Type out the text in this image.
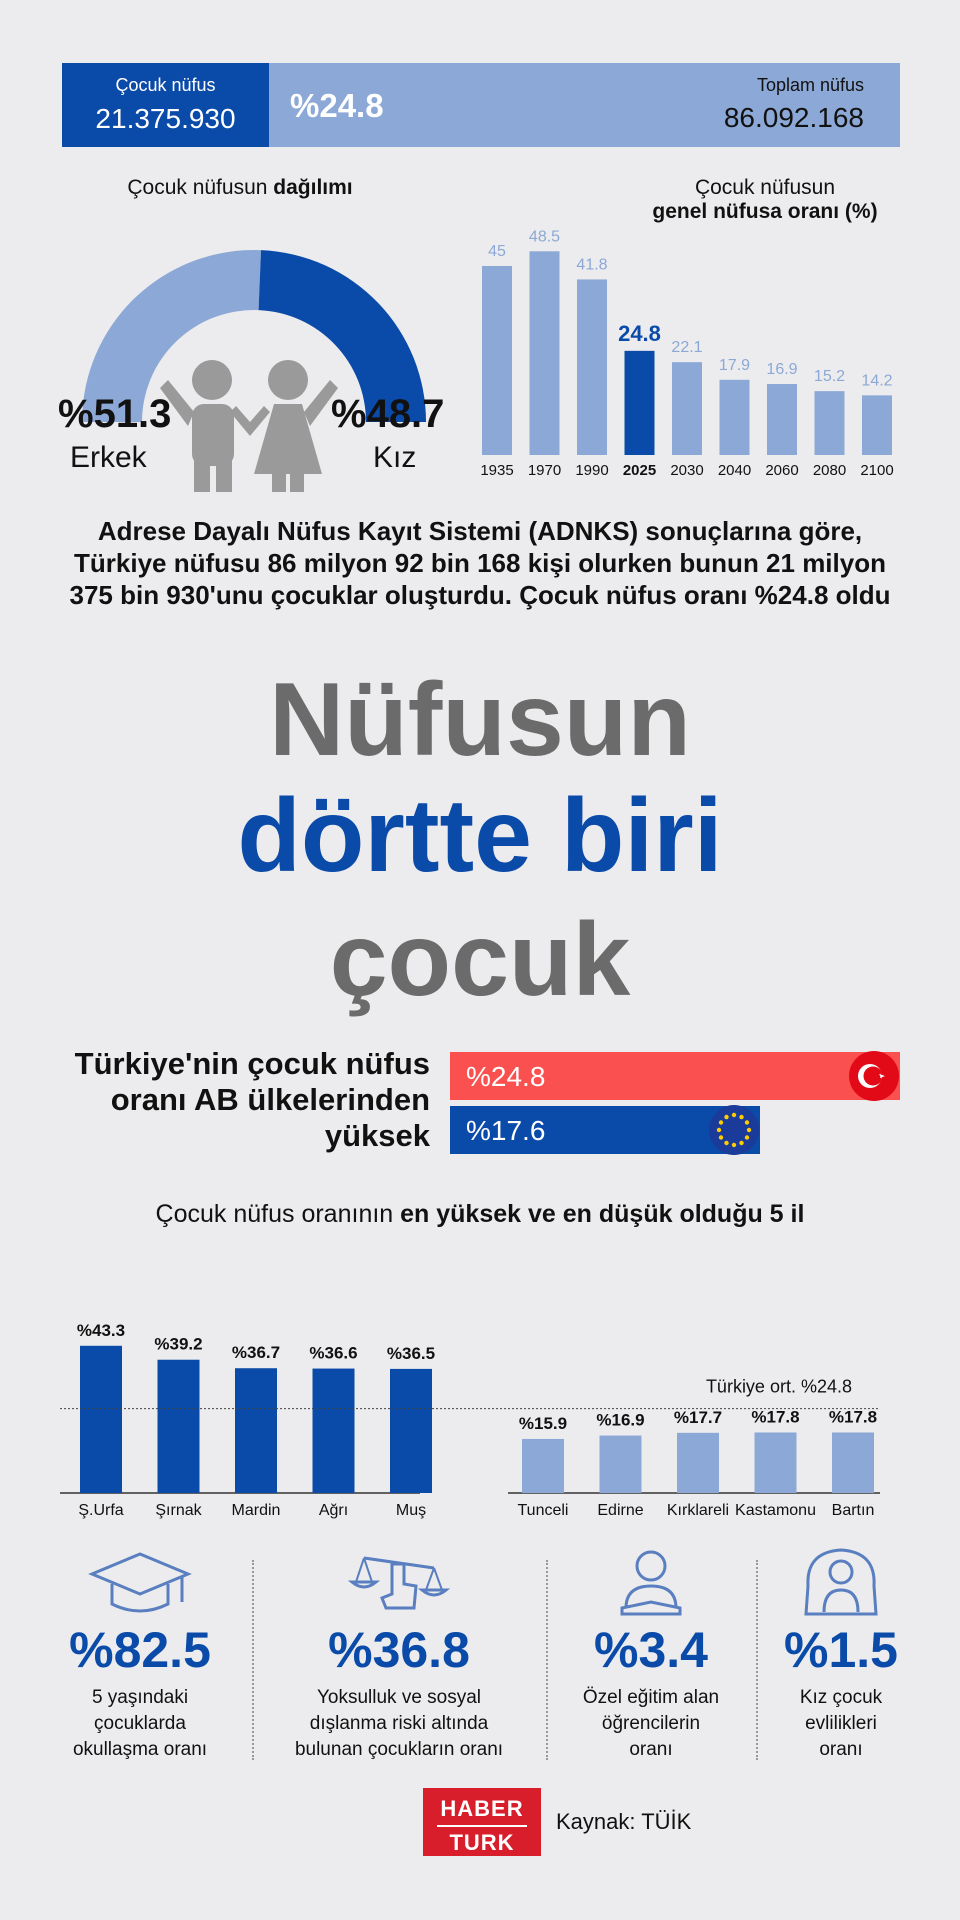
Çocuk nüfus
21.375.930	%24.8
Toplam nüfus
86.092.168
Çocuk nüfusun dağılımı
%51.3
Erkek
%48.7
Kız
Çocuk nüfusun
genel nüfusa oranı (%)
45
1935
48.5
1970
41.8
1990
24.8
2025
22.1
2030
17.9
2040
16.9
2060
15.2
2080
14.2
2100
Adrese Dayalı Nüfus Kayıt Sistemi (ADNKS) sonuçlarına göre, Türkiye nüfusu 86 milyon 92 bin 168 kişi olurken bunun 21 milyon 375 bin 930'unu çocuklar oluşturdu. Çocuk nüfus oranı %24.8 oldu
Nüfusun
dörtte biri
çocuk
Türkiye'nin çocuk nüfus oranı AB ülkelerinden yüksek
%24.8
%17.6
Çocuk nüfus oranının en yüksek ve en düşük olduğu 5 il
%43.3
Ş.Urfa
%39.2
Şırnak
%36.7
Mardin
%36.6
Ağrı
%36.5
Muş
%15.9
Tunceli
%16.9
Edirne
%17.7
Kırklareli
%17.8
Kastamonu
%17.8
Bartın
Türkiye ort. %24.8
%82.5
5 yaşındaki
çocuklarda
okullaşma oranı
%36.8
Yoksulluk ve sosyal
dışlanma riski altında
bulunan çocukların oranı
%3.4
Özel eğitim alan
öğrencilerin
oranı
%1.5
Kız çocuk
evlilikleri
oranı
HABER
TURK
Kaynak: TÜİK
